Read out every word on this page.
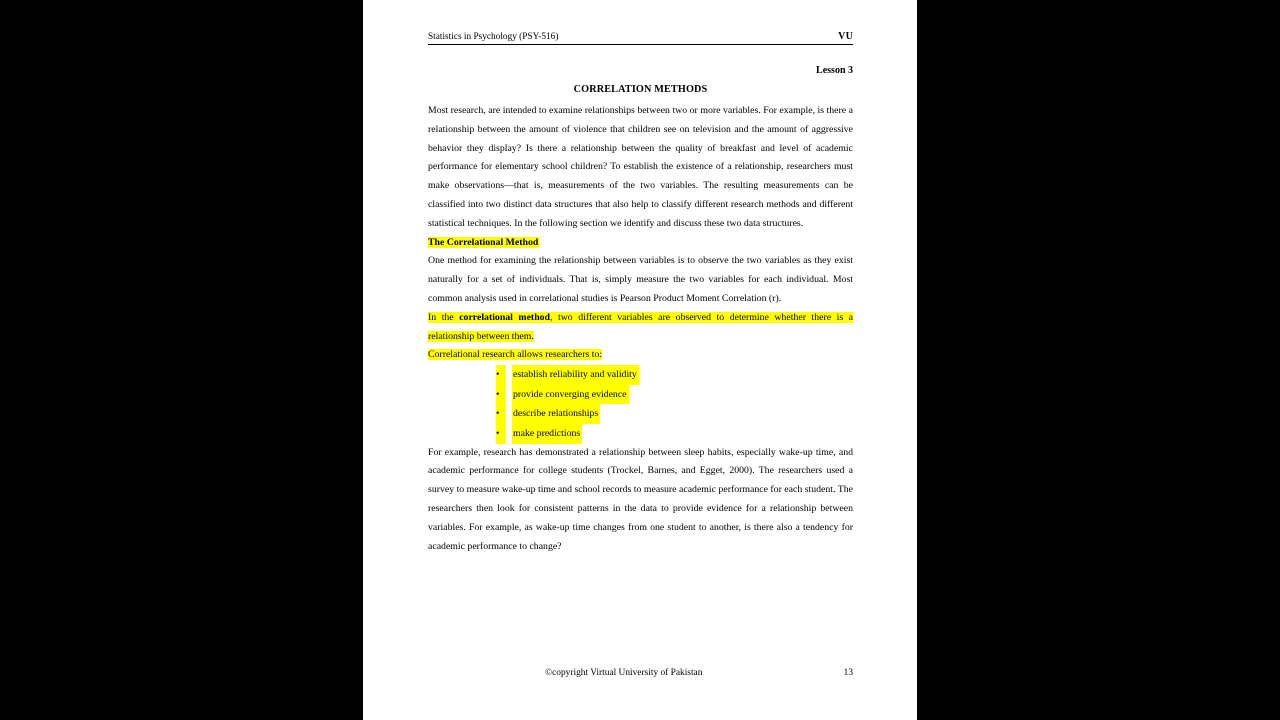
Statistics in Psychology (PSY-516)	VU
Lesson 3
CORRELATION METHODS

Most research, are intended to examine relationships between two or more variables. For example, is there a relationship between the amount of violence that children see on television and the amount of aggressive behavior they display? Is there a relationship between the quality of breakfast and level of academic performance for elementary school children? To establish the existence of a relationship, researchers must make observations—that is, measurements of the two variables. The resulting measurements can be classified into two distinct data structures that also help to classify different research methods and different statistical techniques. In the following section we identify and discuss these two data structures.

The Correlational Method

One method for examining the relationship between variables is to observe the two variables as they exist naturally for a set of individuals. That is, simply measure the two variables for each individual. Most common analysis used in correlational studies is Pearson Product Moment Correlation (r).

In the correlational method, two different variables are observed to determine whether there is a relationship between them.

Correlational research allows researchers to:

•	establish reliability and validity
•	provide converging evidence
•	describe relationships
•	make predictions

For example, research has demonstrated a relationship between sleep habits, especially wake-up time, and academic performance for college students (Trockel, Barnes, and Egget, 2000). The researchers used a survey to measure wake-up time and school records to measure academic performance for each student. The researchers then look for consistent patterns in the data to provide evidence for a relationship between variables. For example, as wake-up time changes from one student to another, is there also a tendency for academic performance to change?

©copyright Virtual University of Pakistan	13
